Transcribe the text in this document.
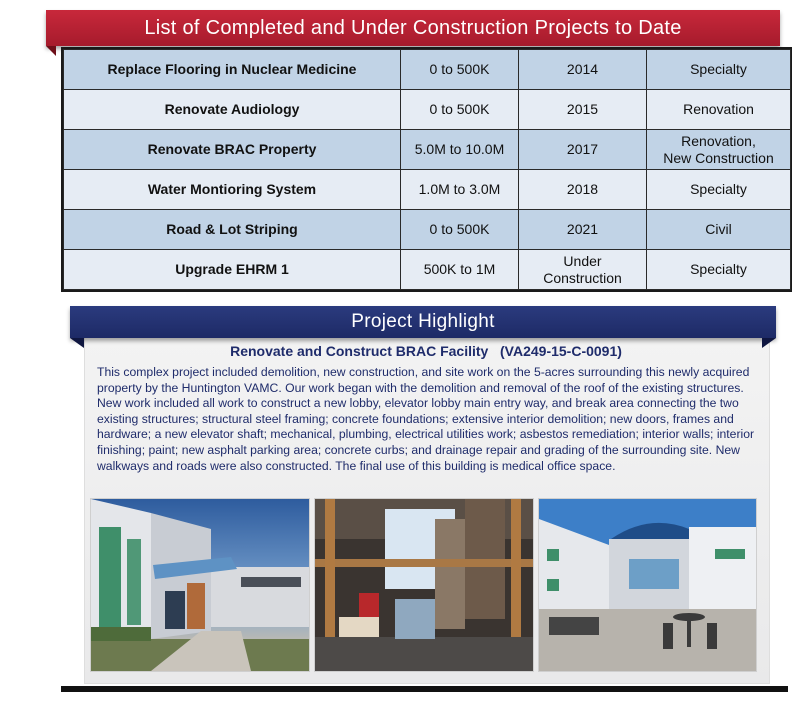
List of Completed and Under Construction Projects to Date
Replace Flooring in Nuclear Medicine	0 to 500K	2014	Specialty

Renovate Audiology	0 to 500K	2015	Renovation

Renovate BRAC Property	5.0M to 10.0M	2017	Renovation,
New Construction

Water Montioring System	1.0M to 3.0M	2018	Specialty

Road & Lot Striping	0 to 500K	2021	Civil

Upgrade EHRM 1	500K to 1M	Under Construction	Specialty
Project Highlight
Renovate and Construct BRAC Facility   (VA249-15-C-0091)
This complex project included demolition, new construction, and site work on the 5-acres surrounding this newly acquired property by the Huntington VAMC. Our work began with the demolition and removal of the roof of the existing structures. New work included all work to construct a new lobby, elevator lobby main entry way, and break area connecting the two existing structures; structural steel framing; concrete foundations; extensive interior demolition; new doors, frames and hardware; a new elevator shaft; mechanical, plumbing, electrical utilities work; asbestos remediation; interior walls; interior finishing; paint; new asphalt parking area; concrete curbs; and drainage repair and grading of the surrounding site. New walkways and roads were also constructed. The final use of this building is medical office space.
